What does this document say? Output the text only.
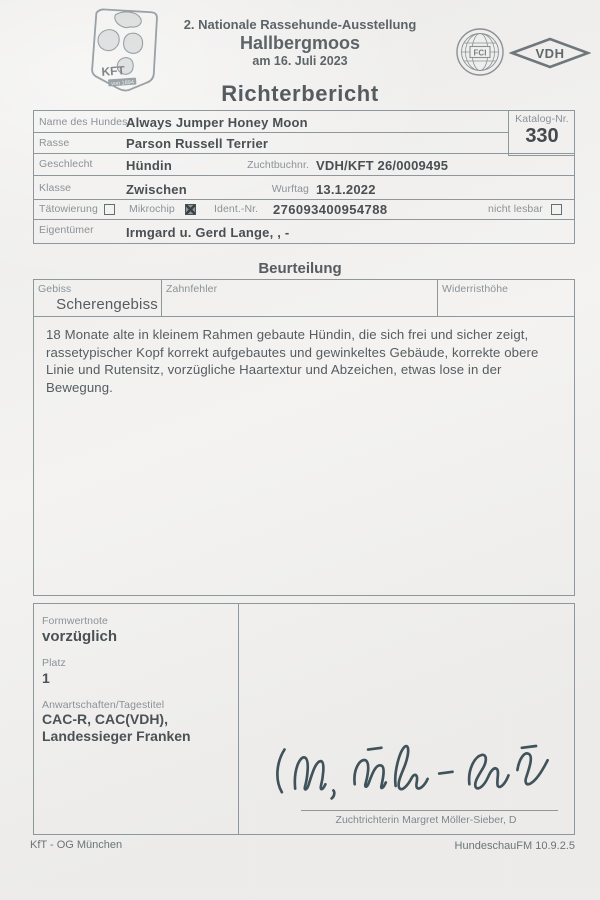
KFT
von 1894
2. Nationale Rassehunde-Ausstellung
Hallbergmoos
am 16. Juli 2023
FCI	VDH
Richterbericht
Katalog-Nr.
330
Name des Hundes
Always Jumper Honey Moon
Rasse	Parson Russell Terrier
Geschlecht	Hündin	Zuchtbuchnr. VDH/KFT 26/0009495
Klasse	Zwischen	Wurftag 13.1.2022
Tätowierung	Mikrochip	Ident.-Nr. 276093400954788	nicht lesbar
Eigentümer Irmgard u. Gerd Lange, , -
Beurteilung
Gebiss
Scherengebiss
Zahnfehler	Widerristhöhe
18 Monate alte in kleinem Rahmen gebaute Hündin, die sich frei und sicher zeigt, rassetypischer Kopf korrekt aufgebautes und gewinkeltes Gebäude, korrekte obere Linie und Rutensitz, vorzügliche Haartextur und Abzeichen, etwas lose in der Bewegung.
Formwertnote
vorzüglich
Platz
1
Anwartschaften/Tagestitel
CAC-R, CAC(VDH),
Landessieger Franken
Zuchtrichterin Margret Möller-Sieber, D
KfT - OG München	HundeschauFM 10.9.2.5
